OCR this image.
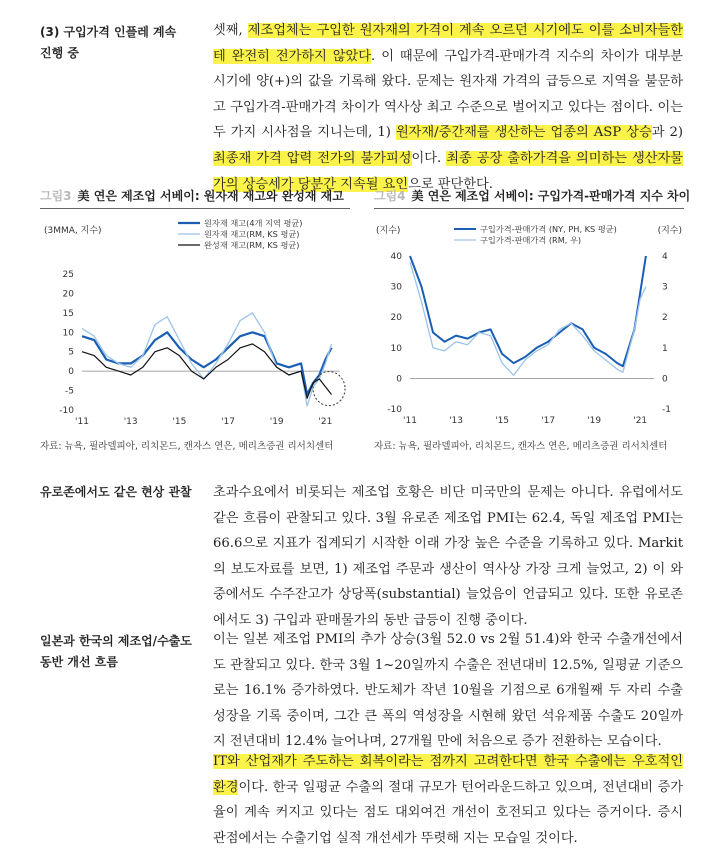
(3) 구입가격 인플레 계속
진행 중
셋째, 제조업체는 구입한 원자재의 가격이 계속 오르던 시기에도 이를 소비자들한테 완전히 전가하지 않았다. 이 때문에 구입가격-판매가격 지수의 차이가 대부분 시기에 양(+)의 값을 기록해 왔다. 문제는 원자재 가격의 급등으로 지역을 불문하고 구입가격-판매가격 차이가 역사상 최고 수준으로 벌어지고 있다는 점이다. 이는 두 가지 시사점을 지니는데, 1) 원자재/중간재를 생산하는 업종의 ASP 상승과 2) 최종재 가격 압력 전가의 불가피성이다. 최종 공장 출하가격을 의미하는 생산자물가의 상승세가 당분간 지속될 요인으로 판단한다.
그림3 美 연은 제조업 서베이: 원자재 재고와 완성재 재고
(3MMA, 지수)
25
20
15
10
5
0
-5
-10
'11	'13	'15	'17	'19	'21
원자재 재고(4개 지역 평균)
원자재 재고(RM, KS 평균)
완성재 재고(RM, KS 평균)
자료: 뉴욕, 필라델피아, 리치몬드, 캔자스 연은, 메리츠증권 리서치센터
그림4 美 연은 제조업 서베이: 구입가격-판매가격 지수 차이
(지수)	(지수)
40
30
20
10
0
-10
4
3
2
1
0
-1
'11	'13	'15	'17	'19	'21
구입가격-판매가격 (NY, PH, KS 평균)
구입가격-판매가격 (RM, 우)
자료: 뉴욕, 필라델피아, 리치몬드, 캔자스 연은, 메리츠증권 리서치센터
유로존에서도 같은 현상 관찰	초과수요에서 비롯되는 제조업 호황은 비단 미국만의 문제는 아니다. 유럽에서도 같은 흐름이 관찰되고 있다. 3월 유로존 제조업 PMI는 62.4, 독일 제조업 PMI는 66.6으로 지표가 집계되기 시작한 이래 가장 높은 수준을 기록하고 있다. Markit의 보도자료를 보면, 1) 제조업 주문과 생산이 역사상 가장 크게 늘었고, 2) 이 와중에서도 수주잔고가 상당폭(substantial) 늘었음이 언급되고 있다. 또한 유로존에서도 3) 구입과 판매물가의 동반 급등이 진행 중이다.
일본과 한국의 제조업/수출도
동반 개선 흐름
이는 일본 제조업 PMI의 추가 상승(3월 52.0 vs 2월 51.4)와 한국 수출개선에서도 관찰되고 있다. 한국 3월 1~20일까지 수출은 전년대비 12.5%, 일평균 기준으로는 16.1% 증가하였다. 반도체가 작년 10월을 기점으로 6개월째 두 자리 수출 성장을 기록 중이며, 그간 큰 폭의 역성장을 시현해 왔던 석유제품 수출도 20일까지 전년대비 12.4% 늘어나며, 27개월 만에 처음으로 증가 전환하는 모습이다.
IT와 산업재가 주도하는 회복이라는 점까지 고려한다면 한국 수출에는 우호적인 환경이다. 한국 일평균 수출의 절대 규모가 턴어라운드하고 있으며, 전년대비 증가율이 계속 커지고 있다는 점도 대외여건 개선이 호전되고 있다는 증거이다. 증시 관점에서는 수출기업 실적 개선세가 뚜렷해 지는 모습일 것이다.
